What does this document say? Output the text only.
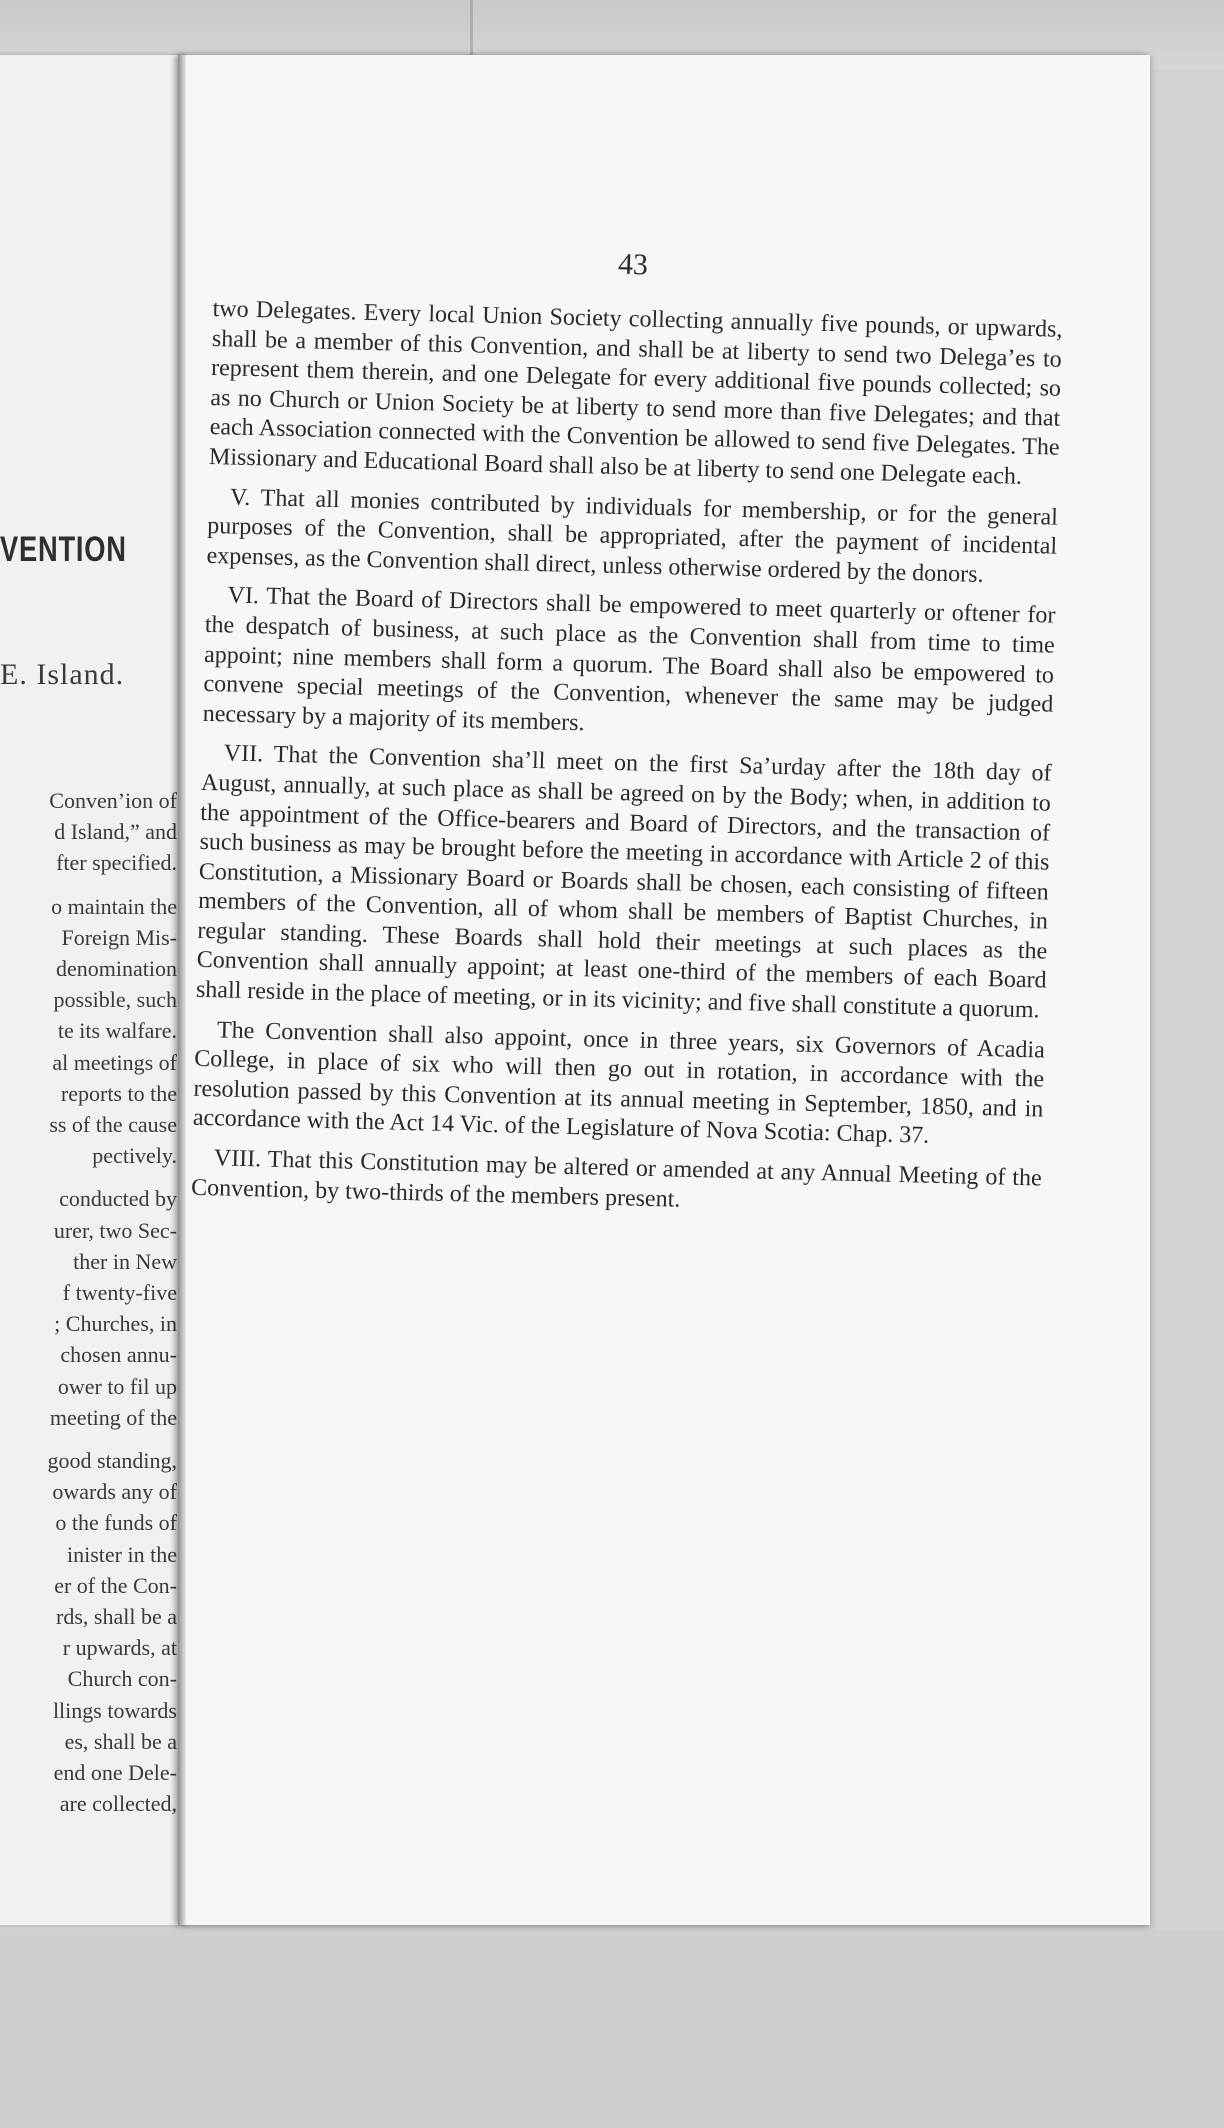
VENTION
E. Island.
Conven’ion of
d Island,” and
fter specified.
o maintain the
Foreign Mis-
denomination
possible, such
te its walfare.
al meetings of
reports to the
ss of the cause
pectively.
conducted by
urer, two Sec-
ther in New
f twenty-five
; Churches, in
chosen annu-
ower to fil up
meeting of the
good standing,
owards any of
o the funds of
inister in the
er of the Con-
rds, shall be a
r upwards, at
Church con-
llings towards
es, shall be a
end one Dele-
are collected,
43

two Delegates. Every local Union Society collecting annually five pounds, or upwards, shall be a member of this Convention, and shall be at liberty to send two Delega’es to represent them therein, and one Delegate for every additional five pounds collected; so as no Church or Union Society be at liberty to send more than five Delegates; and that each Association connected with the Convention be allowed to send five Delegates. The Missionary and Educational Board shall also be at liberty to send one Delegate each.

V. That all monies contributed by individuals for membership, or for the general purposes of the Convention, shall be appropriated, after the payment of incidental expenses, as the Convention shall direct, unless otherwise ordered by the donors.

VI. That the Board of Directors shall be empowered to meet quarterly or oftener for the despatch of business, at such place as the Convention shall from time to time appoint; nine members shall form a quorum. The Board shall also be empowered to convene special meetings of the Convention, whenever the same may be judged necessary by a majority of its members.

VII. That the Convention sha’ll meet on the first Sa’urday after the 18th day of August, annually, at such place as shall be agreed on by the Body; when, in addition to the appointment of the Office-bearers and Board of Directors, and the transaction of such business as may be brought before the meeting in accordance with Article 2 of this Constitution, a Missionary Board or Boards shall be chosen, each consisting of fifteen members of the Convention, all of whom shall be members of Baptist Churches, in regular standing. These Boards shall hold their meetings at such places as the Convention shall annually appoint; at least one-third of the members of each Board shall reside in the place of meeting, or in its vicinity; and five shall constitute a quorum.

The Convention shall also appoint, once in three years, six Governors of Acadia College, in place of six who will then go out in rotation, in accordance with the resolution passed by this Convention at its annual meeting in September, 1850, and in accordance with the Act 14 Vic. of the Legislature of Nova Scotia: Chap. 37.

VIII. That this Constitution may be altered or amended at any Annual Meeting of the Convention, by two-thirds of the members present.
